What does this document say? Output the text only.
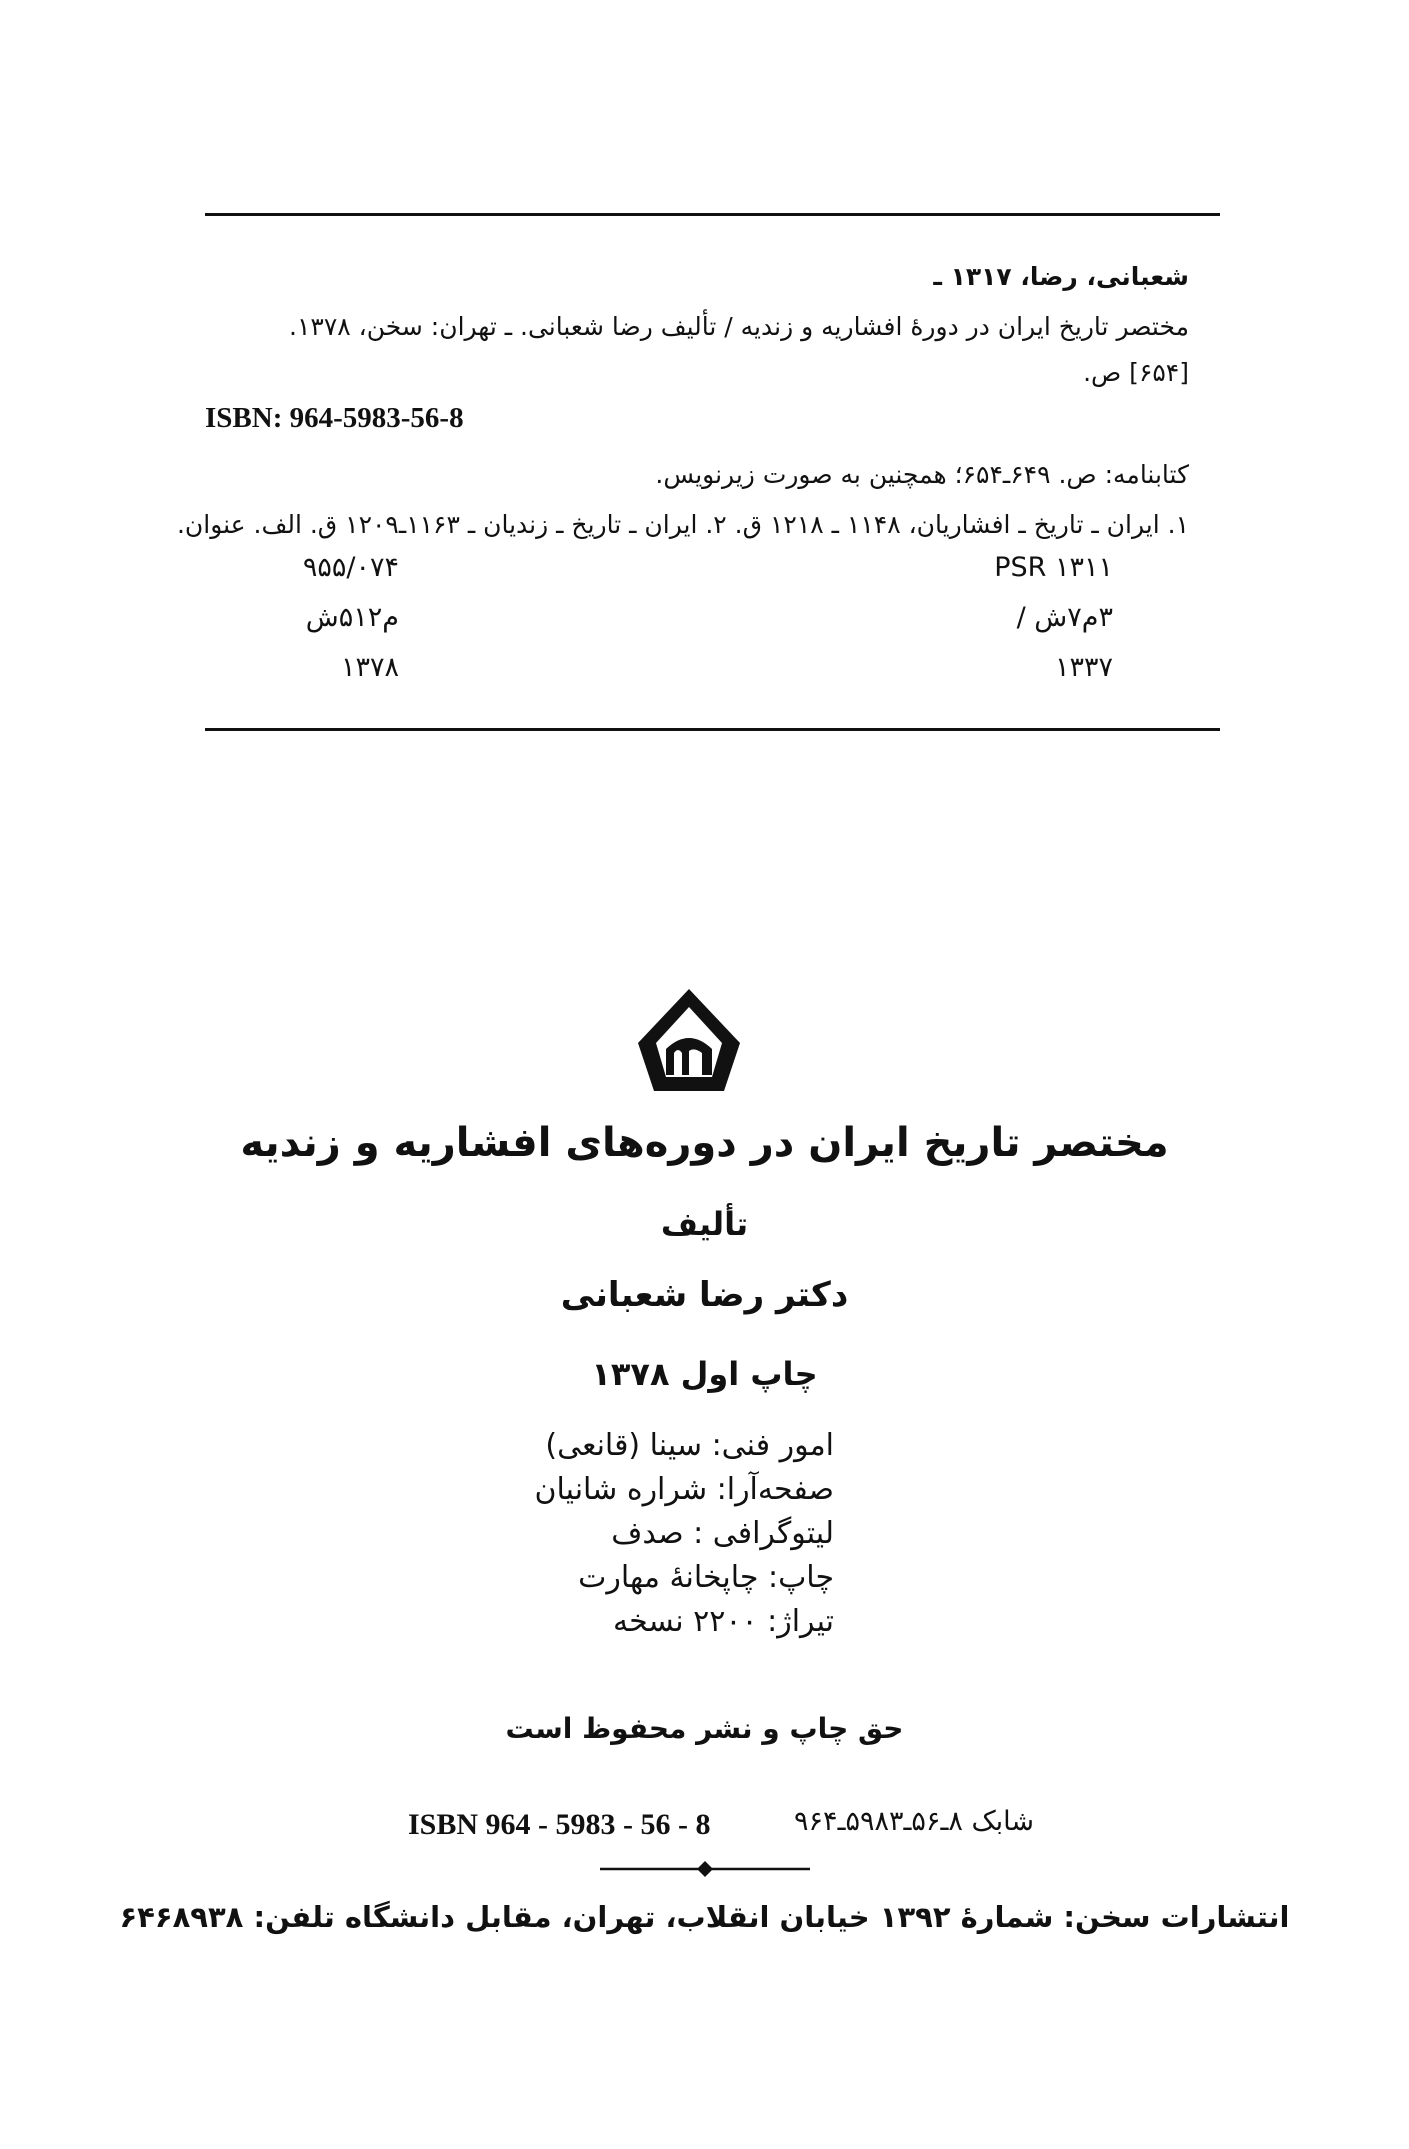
شعبانی، رضا، ۱۳۱۷ ـ
مختصر تاریخ ایران در دورهٔ افشاریه و زندیه / تألیف رضا شعبانی. ـ تهران: سخن، ۱۳۷۸.
[۶۵۴] ص.
ISBN: 964-5983-56-8
کتابنامه: ص. ۶۴۹ـ۶۵۴؛ همچنین به صورت زیرنویس.
۱. ایران ـ تاریخ ـ افشاریان، ۱۱۴۸ ـ ۱۲۱۸ ق. ۲. ایران ـ تاریخ ـ زندیان ـ ۱۱۶۳ـ۱۲۰۹ ق. الف. عنوان.
PSR ۱۳۱۱
۳م۷ش /
۱۳۳۷
۹۵۵/۰۷۴
م۵۱۲ش
۱۳۷۸
مختصر تاریخ ایران در دوره‌های افشاریه و زندیه
تألیف
دکتر رضا شعبانی
چاپ اول ۱۳۷۸
امور فنی: سینا (قانعی)
صفحه‌آرا: شراره شانیان
لیتوگرافی : صدف
چاپ: چاپخانهٔ مهارت
تیراژ: ۲۲۰۰ نسخه
حق چاپ و نشر محفوظ است
ISBN 964 - 5983 - 56 - 8	شابک ۸ـ۵۶ـ۵۹۸۳ـ۹۶۴
انتشارات سخن: شمارهٔ ۱۳۹۲ خیابان انقلاب، تهران، مقابل دانشگاه تلفن: ۶۴۶۸۹۳۸
